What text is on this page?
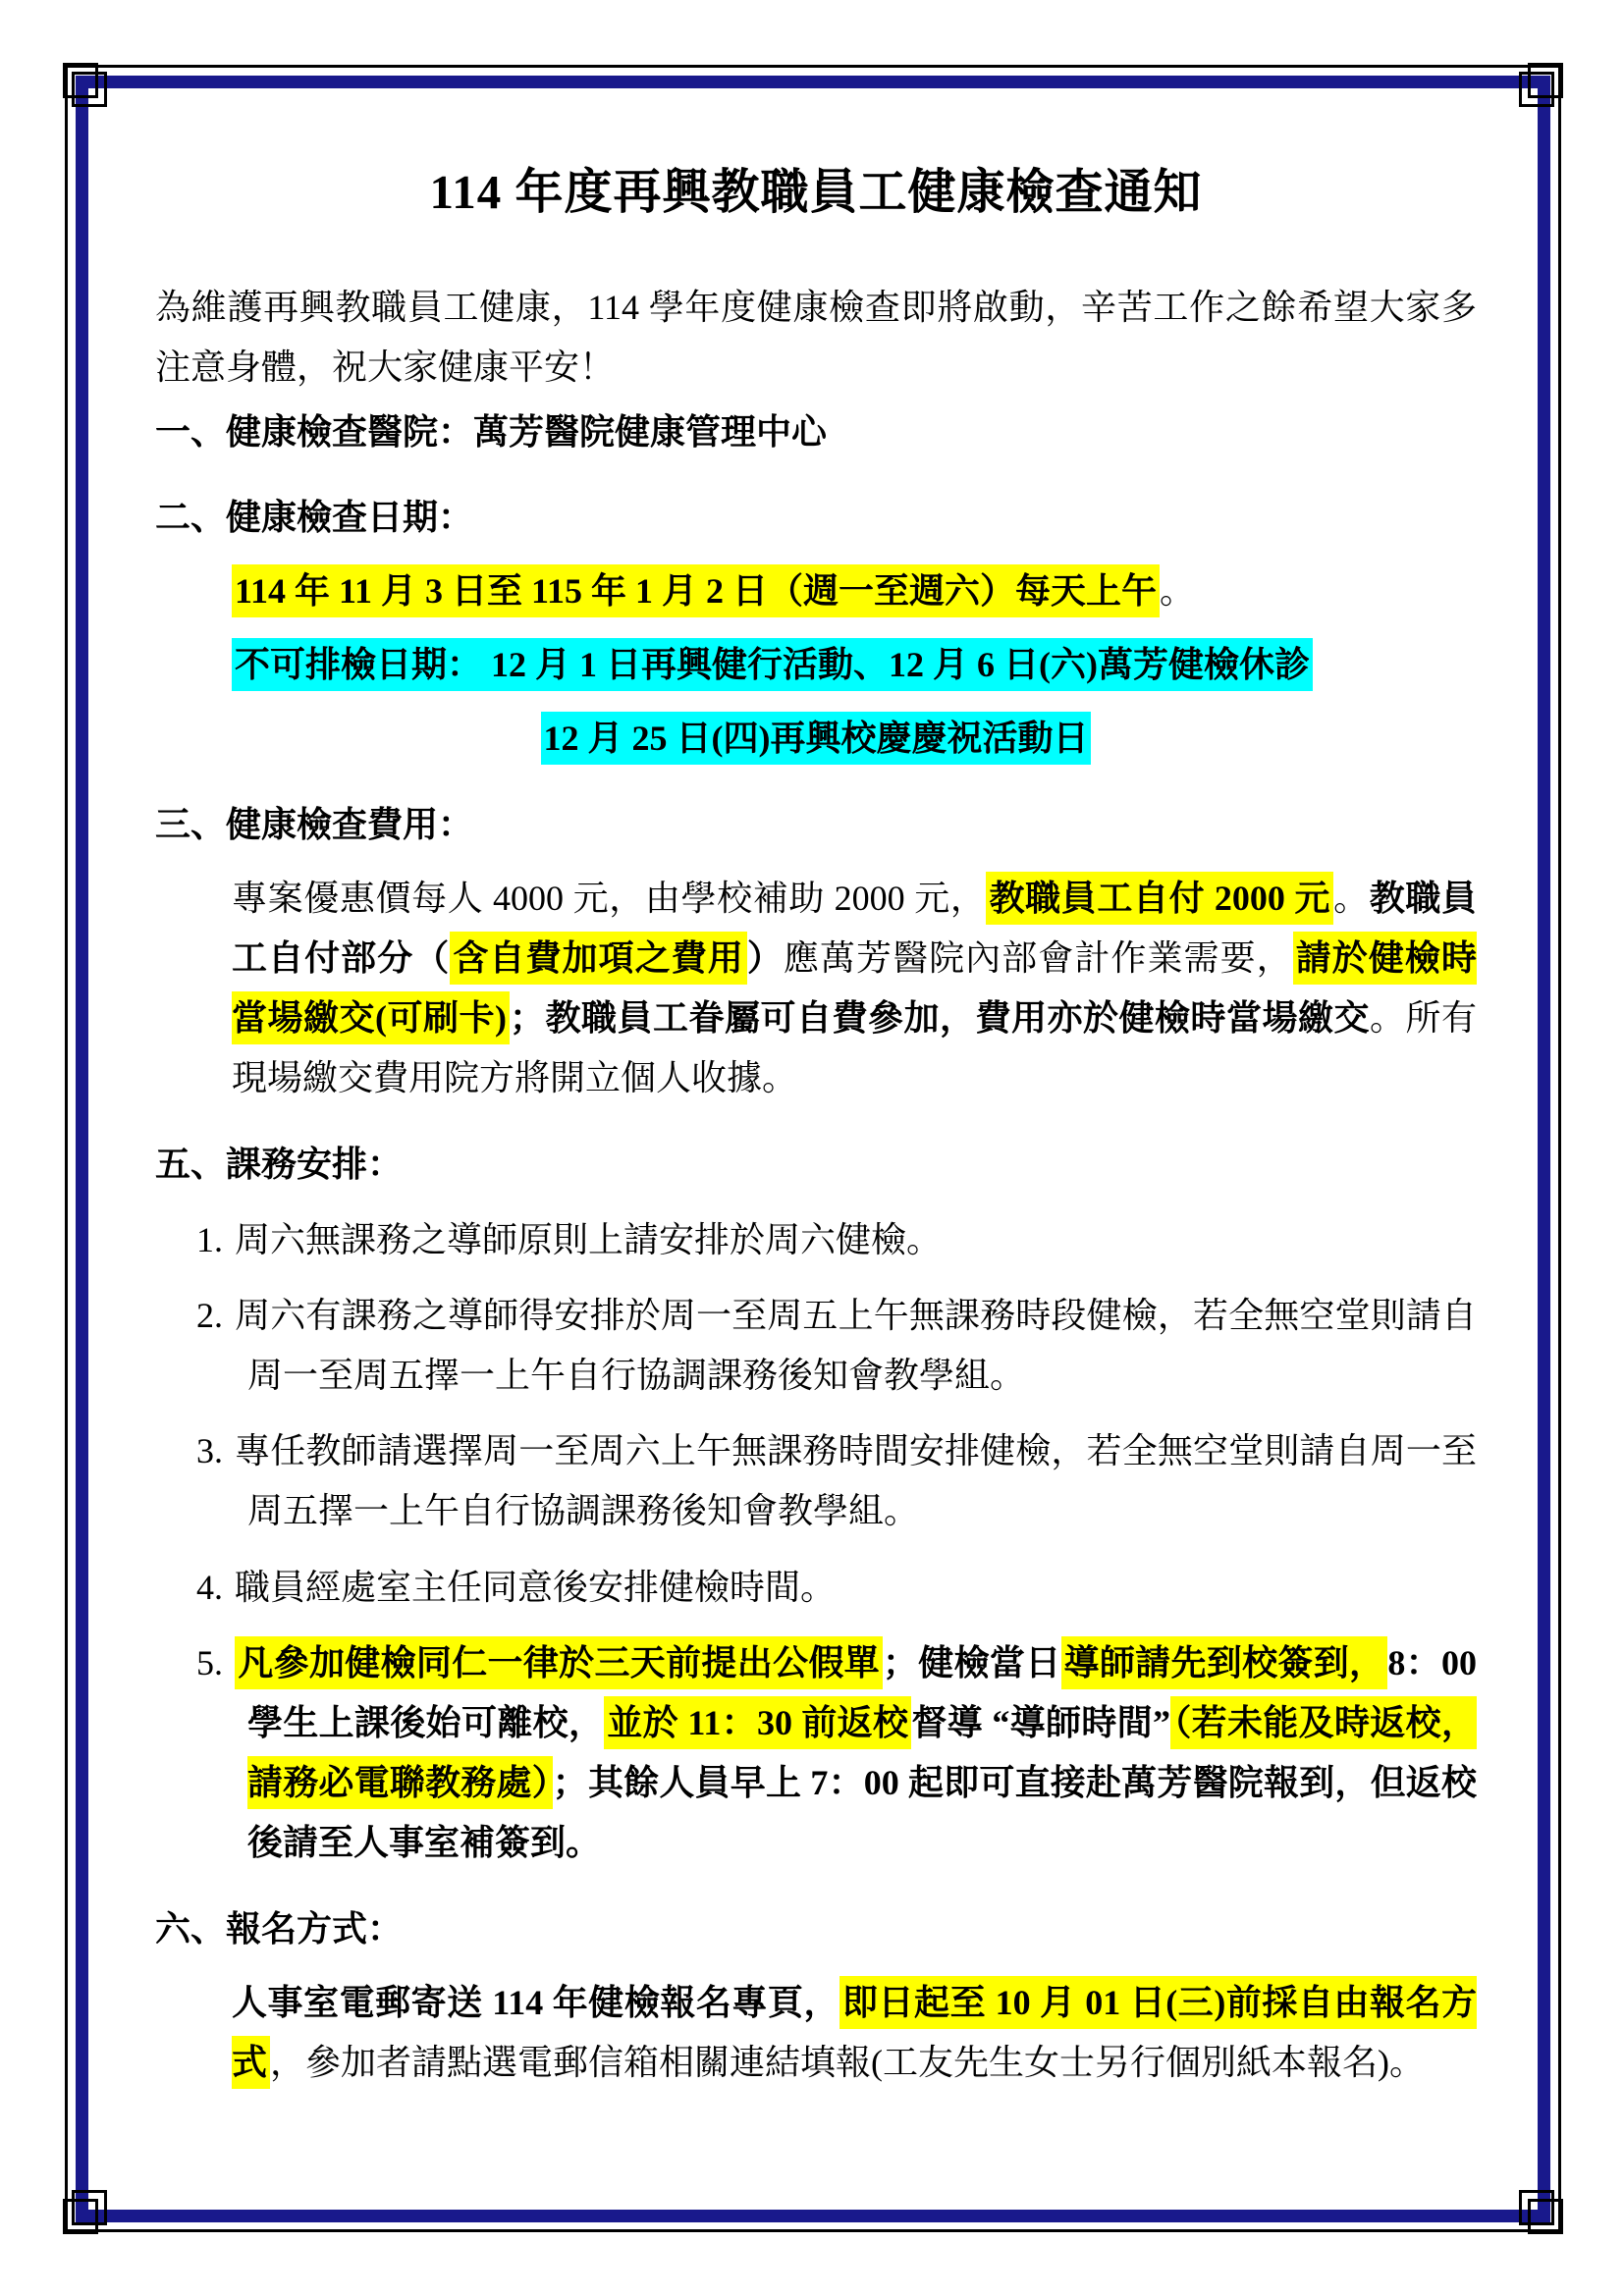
114 年度再興教職員工健康檢查通知

為維護再興教職員工健康，114 學年度健康檢查即將啟動，辛苦工作之餘希望大家多注意身體，祝大家健康平安！

一、健康檢查醫院：萬芳醫院健康管理中心

二、健康檢查日期：

114 年 11 月 3 日至 115 年 1 月 2 日（週一至週六）每天上午。

不可排檢日期： 12 月 1 日再興健行活動、12 月 6 日(六)萬芳健檢休診

12 月 25 日(四)再興校慶慶祝活動日

三、健康檢查費用：

專案優惠價每人 4000 元，由學校補助 2000 元，教職員工自付 2000 元。教職員工自付部分（含自費加項之費用）應萬芳醫院內部會計作業需要，請於健檢時當場繳交(可刷卡)；教職員工眷屬可自費參加，費用亦於健檢時當場繳交。所有現場繳交費用院方將開立個人收據。

五、課務安排：

1. 周六無課務之導師原則上請安排於周六健檢。

2. 周六有課務之導師得安排於周一至周五上午無課務時段健檢，若全無空堂則請自周一至周五擇一上午自行協調課務後知會教學組。

3. 專任教師請選擇周一至周六上午無課務時間安排健檢，若全無空堂則請自周一至周五擇一上午自行協調課務後知會教學組。

4. 職員經處室主任同意後安排健檢時間。

5. 凡參加健檢同仁一律於三天前提出公假單；健檢當日導師請先到校簽到，8：00 學生上課後始可離校，並於 11：30 前返校督導 “導師時間”（若未能及時返校，請務必電聯教務處）；其餘人員早上 7：00 起即可直接赴萬芳醫院報到，但返校後請至人事室補簽到。

六、報名方式：

人事室電郵寄送 114 年健檢報名專頁，即日起至 10 月 01 日(三)前採自由報名方式，參加者請點選電郵信箱相關連結填報(工友先生女士另行個別紙本報名)。
